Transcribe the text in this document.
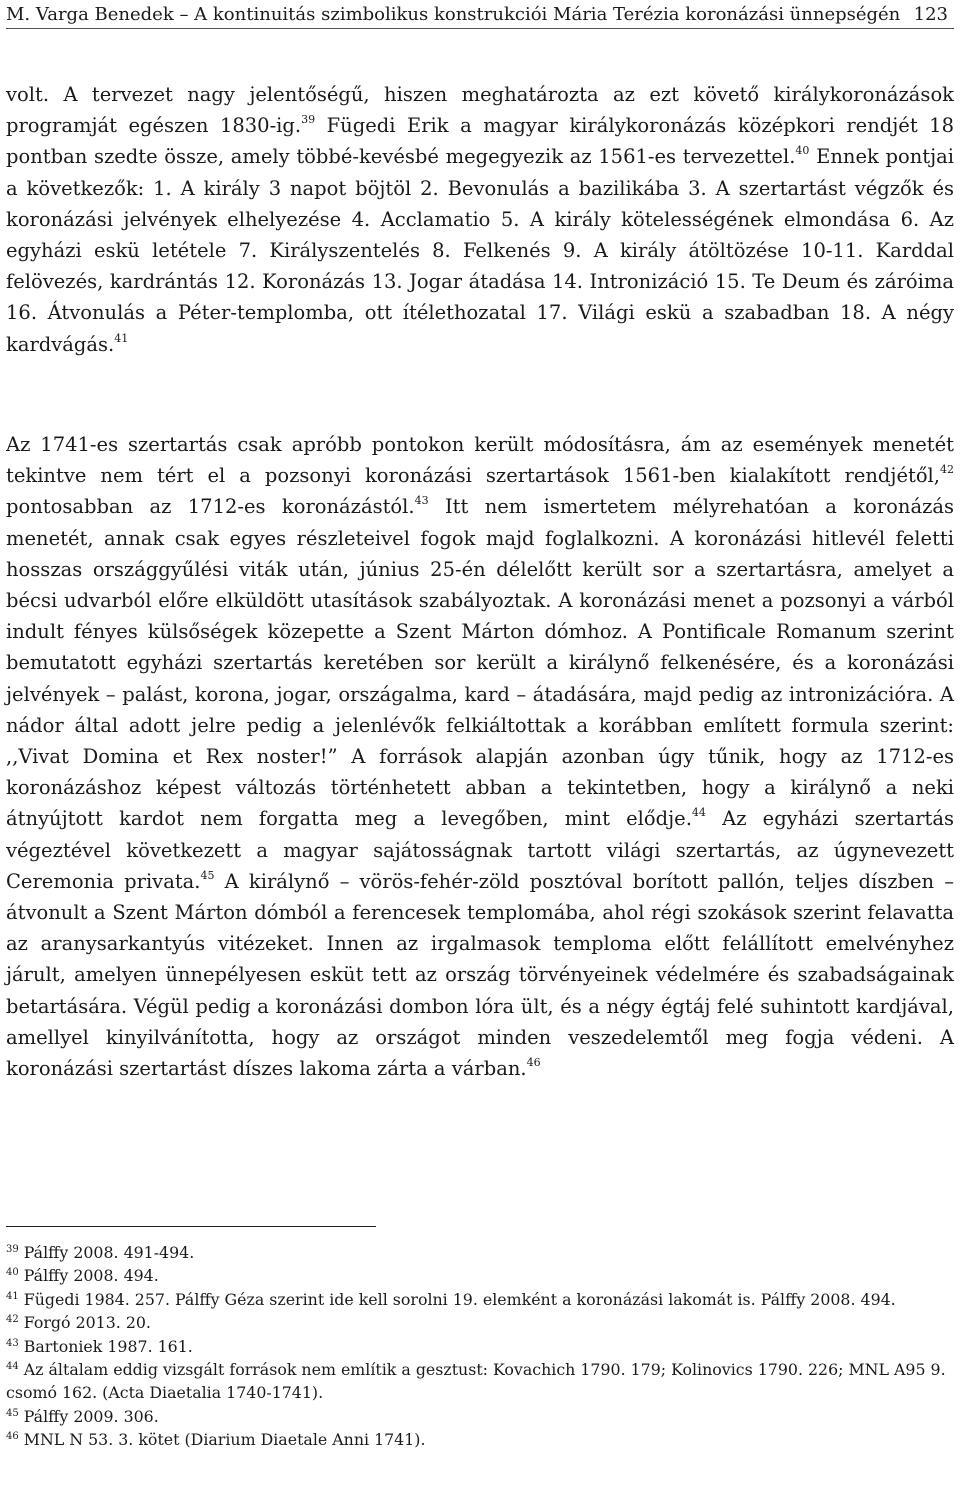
M. Varga Benedek – A kontinuitás szimbolikus konstrukciói Mária Terézia koronázási ünnepségén 123

volt. A tervezet nagy jelentőségű, hiszen meghatározta az ezt követő királykoronázások programját egészen 1830-ig.$^{39}$ Fügedi Erik a magyar királykoronázás középkori rendjét 18 pontban szedte össze, amely többé-kevésbé megegyezik az 1561-es tervezettel.$^{40}$ Ennek pontjai a következők: 1. A király 3 napot böjtöl 2. Bevonulás a bazilikába 3. A szertartást végzők és koronázási jelvények elhelyezése 4. Acclamatio 5. A király kötelességének elmondása 6. Az egyházi eskü letétele 7. Királyszentelés 8. Felkenés 9. A király átöltözése 10-11. Karddal felövezés, kardrántás 12. Koronázás 13. Jogar átadása 14. Intronizáció 15. Te Deum és záróima 16. Átvonulás a Péter-templomba, ott ítélethozatal 17. Világi eskü a szabadban 18. A négy kardvágás.$^{41}$

Az 1741-es szertartás csak apróbb pontokon került módosításra, ám az események menetét tekintve nem tért el a pozsonyi koronázási szertartások 1561-ben kialakított rendjétől,$^{42}$ pontosabban az 1712-es koronázástól.$^{43}$ Itt nem ismertetem mélyrehatóan a koronázás menetét, annak csak egyes részleteivel fogok majd foglalkozni. A koronázási hitlevél feletti hosszas országgyűlési viták után, június 25-én délelőtt került sor a szertartásra, amelyet a bécsi udvarból előre elküldött utasítások szabályoztak. A koronázási menet a pozsonyi a várból indult fényes külsőségek közepette a Szent Márton dómhoz. A Pontificale Romanum szerint bemutatott egyházi szertartás keretében sor került a királynő felkenésére, és a koronázási jelvények – palást, korona, jogar, országalma, kard – átadására, majd pedig az intronizációra. A nádor által adott jelre pedig a jelenlévők felkiáltottak a korábban említett formula szerint: ,,Vivat Domina et Rex noster!” A források alapján azonban úgy tűnik, hogy az 1712-es koronázáshoz képest változás történhetett abban a tekintetben, hogy a királynő a neki átnyújtott kardot nem forgatta meg a levegőben, mint elődje.$^{44}$ Az egyházi szertartás végeztével következett a magyar sajátosságnak tartott világi szertartás, az úgynevezett Ceremonia privata.$^{45}$ A királynő – vörös-fehér-zöld posztóval borított pallón, teljes díszben – átvonult a Szent Márton dómból a ferencesek templomába, ahol régi szokások szerint felavatta az aranysarkantyús vitézeket. Innen az irgalmasok temploma előtt felállított emelvényhez járult, amelyen ünnepélyesen esküt tett az ország törvényeinek védelmére és szabadságainak betartására. Végül pedig a koronázási dombon lóra ült, és a négy égtáj felé suhintott kardjával, amellyel kinyilvánította, hogy az országot minden veszedelemtől meg fogja védeni. A koronázási szertartást díszes lakoma zárta a várban.$^{46}$

$^{39}$ Pálffy 2008. 491-494.

$^{40}$ Pálffy 2008. 494.

$^{41}$ Fügedi 1984. 257. Pálffy Géza szerint ide kell sorolni 19. elemként a koronázási lakomát is. Pálffy 2008. 494.

$^{42}$ Forgó 2013. 20.

$^{43}$ Bartoniek 1987. 161.

$^{44}$ Az általam eddig vizsgált források nem említik a gesztust: Kovachich 1790. 179; Kolinovics 1790. 226; MNL A95 9. csomó 162. (Acta Diaetalia 1740-1741).

$^{45}$ Pálffy 2009. 306.

$^{46}$ MNL N 53. 3. kötet (Diarium Diaetale Anni 1741).
